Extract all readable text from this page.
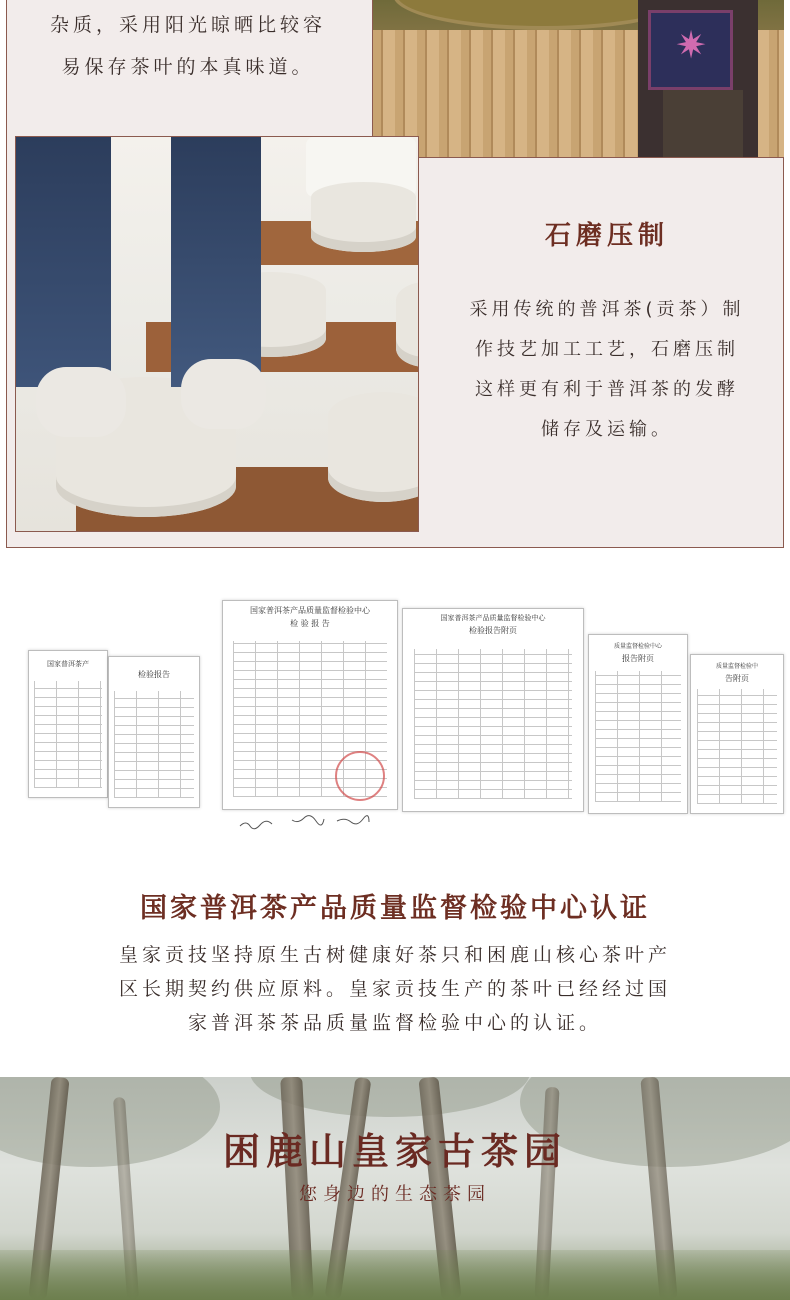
杂质，采用阳光晾晒比较容

易保存茶叶的本真味道。	✷
石磨压制

采用传统的普洱茶(贡茶）制

作技艺加工工艺，石磨压制

这样更有利于普洱茶的发酵

储存及运输。

国家普洱茶产
检验报告
国家普洱茶产品质量监督检验中心
检 验 报 告
国家普洱茶产品质量监督检验中心
检验报告附页
质量监督检验中心
报告附页
质量监督检验中
告附页
国家普洱茶产品质量监督检验中心认证

皇家贡技坚持原生古树健康好茶只和困鹿山核心茶叶产

区长期契约供应原料。皇家贡技生产的茶叶已经经过国

家普洱茶茶品质量监督检验中心的认证。

困鹿山皇家古茶园
您身边的生态茶园
